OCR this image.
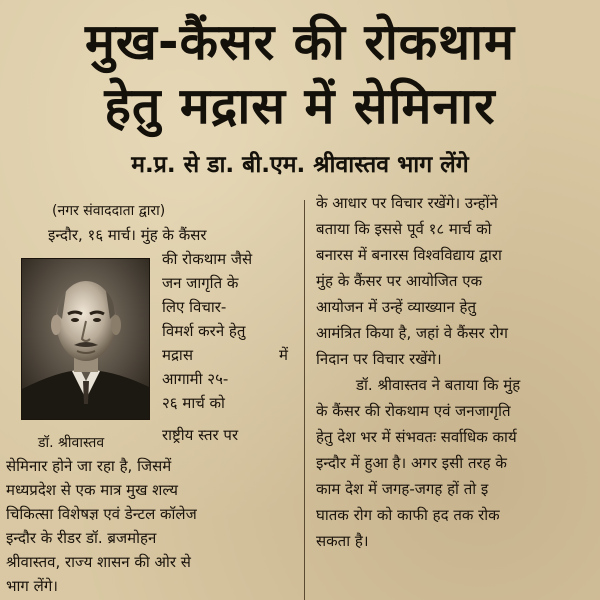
मुख-कैंसर की रोकथाम
हेतु मद्रास में सेमिनार
म.प्र. से डा. बी.एम. श्रीवास्तव भाग लेंगे
(नगर संवाददाता द्वारा)
इन्दौर, १६ मार्च। मुंह के कैंसर
की रोकथाम जैसे
जन जागृति के
लिए विचार-
विमर्श करने हेतु
मद्रास में
आगामी २५-
२६ मार्च को
राष्ट्रीय स्तर पर
डॉ. श्रीवास्तव
सेमिनार होने जा रहा है, जिसमें
मध्यप्रदेश से एक मात्र मुख शल्य
चिकित्सा विशेषज्ञ एवं डेन्टल कॉलेज
इन्दौर के रीडर डॉ. ब्रजमोहन
श्रीवास्तव, राज्य शासन की ओर से
भाग लेंगे।
के आधार पर विचार रखेंगे। उन्होंने
बताया कि इससे पूर्व १८ मार्च को
बनारस में बनारस विश्वविद्याय द्वारा
मुंह के कैंसर पर आयोजित एक
आयोजन में उन्हें व्याख्यान हेतु
आमंत्रित किया है, जहां वे कैंसर रोग
निदान पर विचार रखेंगे।
डॉ. श्रीवास्तव ने बताया कि मुंह
के कैंसर की रोकथाम एवं जनजागृति
हेतु देश भर में संभवतः सर्वाधिक कार्य
इन्दौर में हुआ है। अगर इसी तरह के
काम देश में जगह-जगह हों तो इ
घातक रोग को काफी हद तक रोक
सकता है।
